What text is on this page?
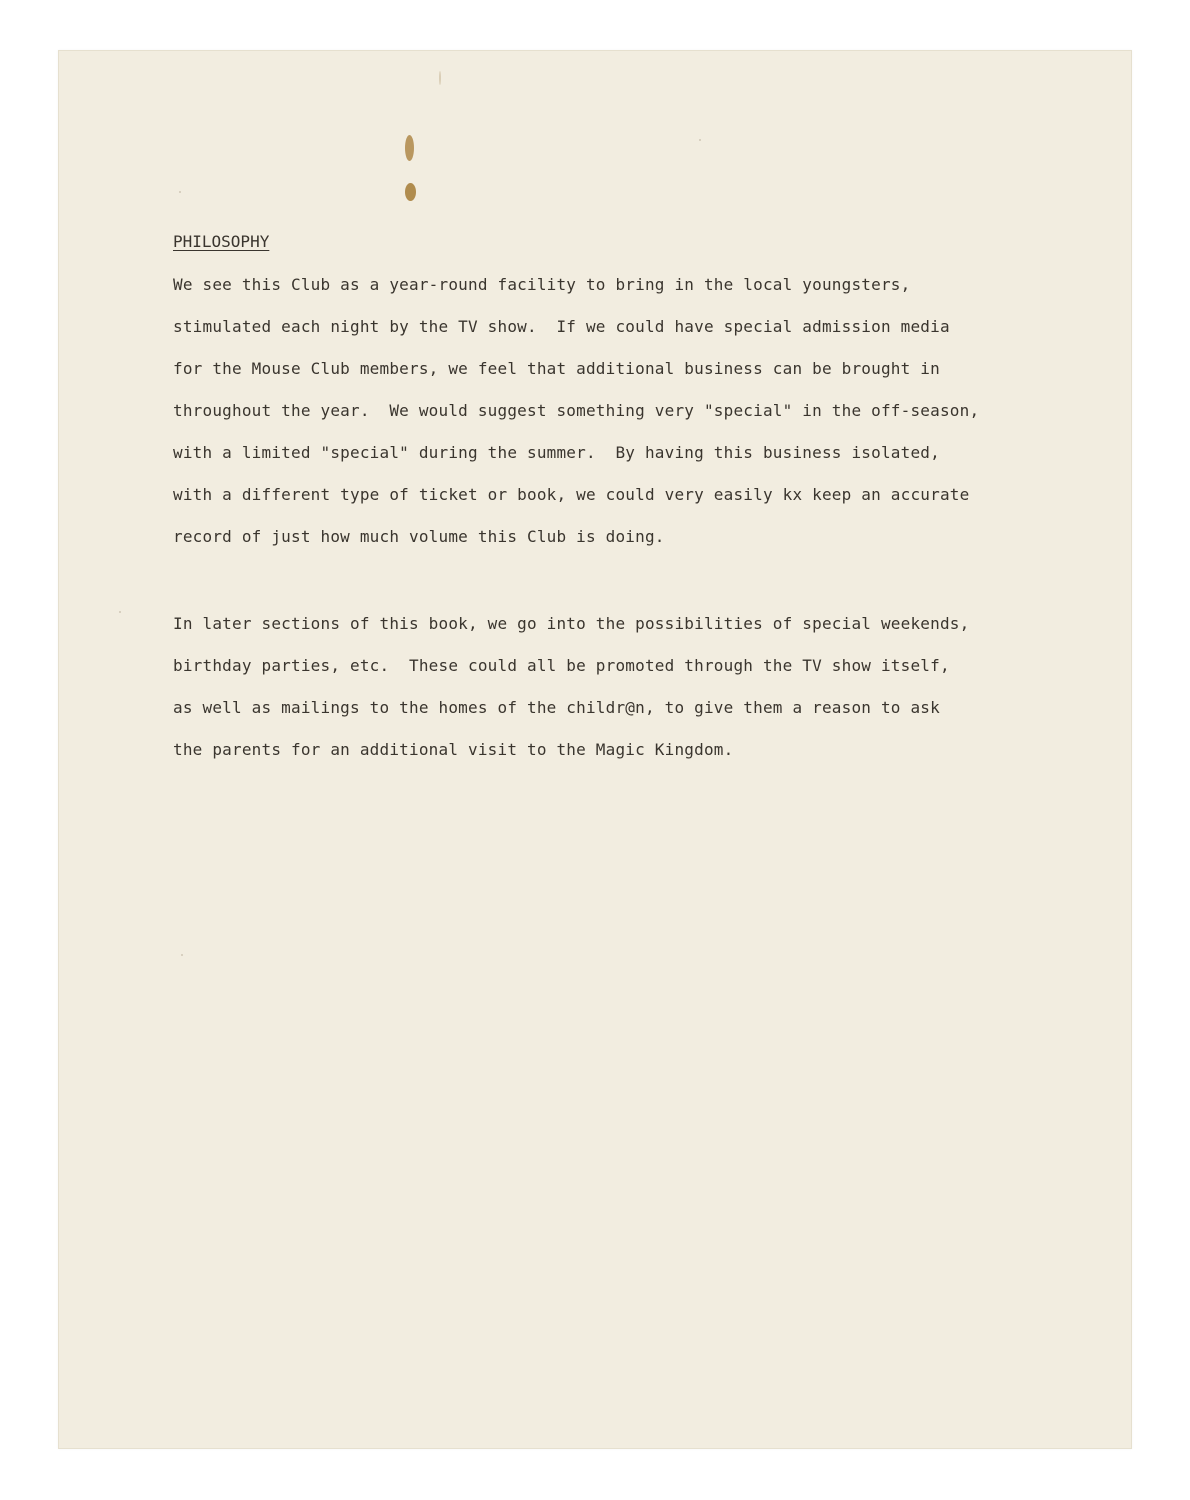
PHILOSOPHY
We see this Club as a year-round facility to bring in the local youngsters,
stimulated each night by the TV show.  If we could have special admission media
for the Mouse Club members, we feel that additional business can be brought in
throughout the year.  We would suggest something very "special" in the off-season,
with a limited "special" during the summer.  By having this business isolated,
with a different type of ticket or book, we could very easily kx keep an accurate
record of just how much volume this Club is doing.
In later sections of this book, we go into the possibilities of special weekends,
birthday parties, etc.  These could all be promoted through the TV show itself,
as well as mailings to the homes of the childr@n, to give them a reason to ask
the parents for an additional visit to the Magic Kingdom.
